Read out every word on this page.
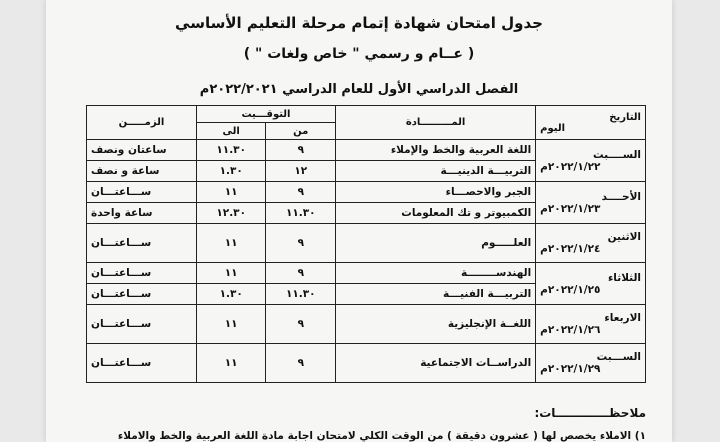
جدول امتحان شهادة إتمام مرحلة التعليم الأساسي
( عــام و رسمي " خاص ولغات " )
الفصل الدراسي الأول للعام الدراسي ٢٠٢٢/٢٠٢١م
التاريخ
اليوم	المـــــــــادة	التوقـــيت		الزمـــــن
		من	الى	

الســــبت
٢٠٢٢/١/٢٢م	اللغة العربية والخط والإملاء	٩	١١.٣٠	ساعتان ونصف
	التربيـــة الدينيـــة	١٢	١.٣٠	ساعة و نصف

الأحــــد
٢٠٢٢/١/٢٣م	الجبر والاحصـــاء	٩	١١	ســـاعتـــان
	الكمبيوتر و تك المعلومات	١١.٣٠	١٢.٣٠	ساعة واحدة

الاثنين
٢٠٢٢/١/٢٤م	العلـــــوم	٩	١١	ســـاعتـــان

الثلاثاء
٢٠٢٢/١/٢٥م	الهندســــــــة	٩	١١	ســـاعتـــان
	التربيـــة الفنيـــة	١١.٣٠	١.٣٠	ســـاعتـــان

الاربعاء
٢٠٢٢/١/٢٦م	اللغــة الإنجليزية	٩	١١	ســـاعتـــان

الســـبت
٢٠٢٢/١/٢٩م	الدراســات الاجتماعية	٩	١١	ســـاعتـــان
ملاحظـــــــــــــات:
١) الاملاء يخصص لها ( عشرون دقيقة ) من الوقت الكلي لامتحان اجابة مادة اللغة العربية والخط والاملاء
